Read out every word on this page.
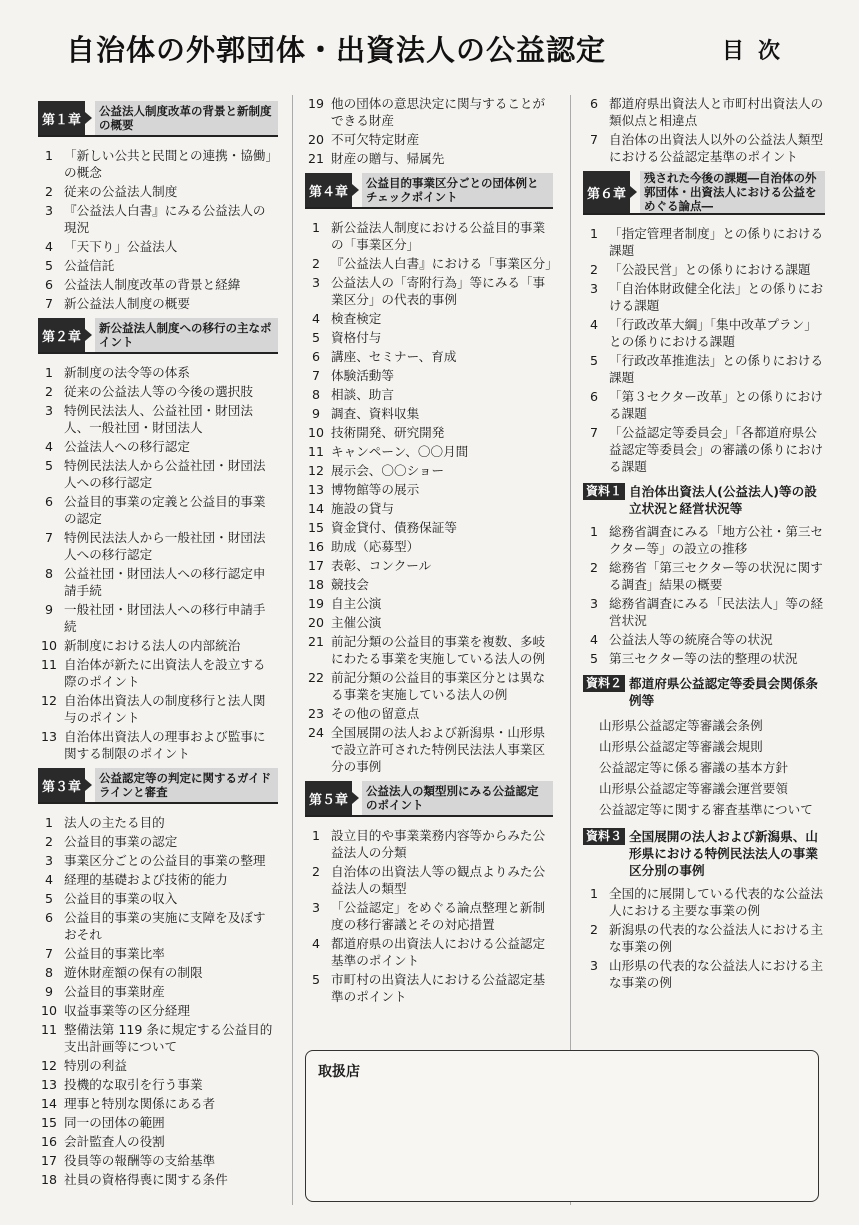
自治体の外郭団体・出資法人の公益認定	目次
第１章
公益法人制度改革の背景と新制度の概要
1 「新しい公共と民間との連携・協働」の概念
2 従来の公益法人制度
3 『公益法人白書』にみる公益法人の現況
4 「天下り」公益法人
5 公益信託
6 公益法人制度改革の背景と経緯
7 新公益法人制度の概要
第２章
新公益法人制度への移行の主なポイント
1 新制度の法令等の体系
2 従来の公益法人等の今後の選択肢
3 特例民法法人、公益社団・財団法人、一般社団・財団法人
4 公益法人への移行認定
5 特例民法法人から公益社団・財団法人への移行認定
6 公益目的事業の定義と公益目的事業の認定
7 特例民法法人から一般社団・財団法人への移行認定
8 公益社団・財団法人への移行認定申請手続
9 一般社団・財団法人への移行申請手続
10 新制度における法人の内部統治
11 自治体が新たに出資法人を設立する際のポイント
12 自治体出資法人の制度移行と法人関与のポイント
13 自治体出資法人の理事および監事に関する制限のポイント
第３章
公益認定等の判定に関するガイドラインと審査
1 法人の主たる目的
2 公益目的事業の認定
3 事業区分ごとの公益目的事業の整理
4 経理的基礎および技術的能力
5 公益目的事業の収入
6 公益目的事業の実施に支障を及ぼすおそれ
7 公益目的事業比率
8 遊休財産額の保有の制限
9 公益目的事業財産
10 収益事業等の区分経理
11 整備法第 119 条に規定する公益目的支出計画等について
12 特別の利益
13 投機的な取引を行う事業
14 理事と特別な関係にある者
15 同一の団体の範囲
16 会計監査人の役割
17 役員等の報酬等の支給基準
18 社員の資格得喪に関する条件
19 他の団体の意思決定に関与することができる財産
20 不可欠特定財産
21 財産の贈与、帰属先
第４章
公益目的事業区分ごとの団体例とチェックポイント
1 新公益法人制度における公益目的事業の「事業区分」
2 『公益法人白書』における「事業区分」
3 公益法人の「寄附行為」等にみる「事業区分」の代表的事例
4 検査検定
5 資格付与
6 講座、セミナー、育成
7 体験活動等
8 相談、助言
9 調査、資料収集
10 技術開発、研究開発
11 キャンペーン、〇〇月間
12 展示会、〇〇ショー
13 博物館等の展示
14 施設の貸与
15 資金貸付、債務保証等
16 助成（応募型）
17 表彰、コンクール
18 競技会
19 自主公演
20 主催公演
21 前記分類の公益目的事業を複数、多岐にわたる事業を実施している法人の例
22 前記分類の公益目的事業区分とは異なる事業を実施している法人の例
23 その他の留意点
24 全国展開の法人および新潟県・山形県で設立許可された特例民法法人事業区分の事例
第５章
公益法人の類型別にみる公益認定のポイント
1 設立目的や事業業務内容等からみた公益法人の分類
2 自治体の出資法人等の観点よりみた公益法人の類型
3 「公益認定」をめぐる論点整理と新制度の移行審議とその対応措置
4 都道府県の出資法人における公益認定基準のポイント
5 市町村の出資法人における公益認定基準のポイント
6 都道府県出資法人と市町村出資法人の類似点と相違点
7 自治体の出資法人以外の公益法人類型における公益認定基準のポイント
第６章
残された今後の課題―自治体の外郭団体・出資法人における公益をめぐる論点―
1 「指定管理者制度」との係りにおける課題
2 「公設民営」との係りにおける課題
3 「自治体財政健全化法」との係りにおける課題
4 「行政改革大綱」「集中改革プラン」との係りにおける課題
5 「行政改革推進法」との係りにおける課題
6 「第３セクター改革」との係りにおける課題
7 「公益認定等委員会」「各都道府県公益認定等委員会」の審議の係りにおける課題
資料１ 自治体出資法人(公益法人)等の設立状況と経営状況等
1 総務省調査にみる「地方公社・第三セクター等」の設立の推移
2 総務省「第三セクター等の状況に関する調査」結果の概要
3 総務省調査にみる「民法法人」等の経営状況
4 公益法人等の統廃合等の状況
5 第三セクター等の法的整理の状況
資料２ 都道府県公益認定等委員会関係条例等
山形県公益認定等審議会条例
山形県公益認定等審議会規則
公益認定等に係る審議の基本方針
山形県公益認定等審議会運営要領
公益認定等に関する審査基準について
資料３ 全国展開の法人および新潟県、山形県における特例民法法人の事業区分別の事例
1 全国的に展開している代表的な公益法人における主要な事業の例
2 新潟県の代表的な公益法人における主な事業の例
3 山形県の代表的な公益法人における主な事業の例
取扱店
